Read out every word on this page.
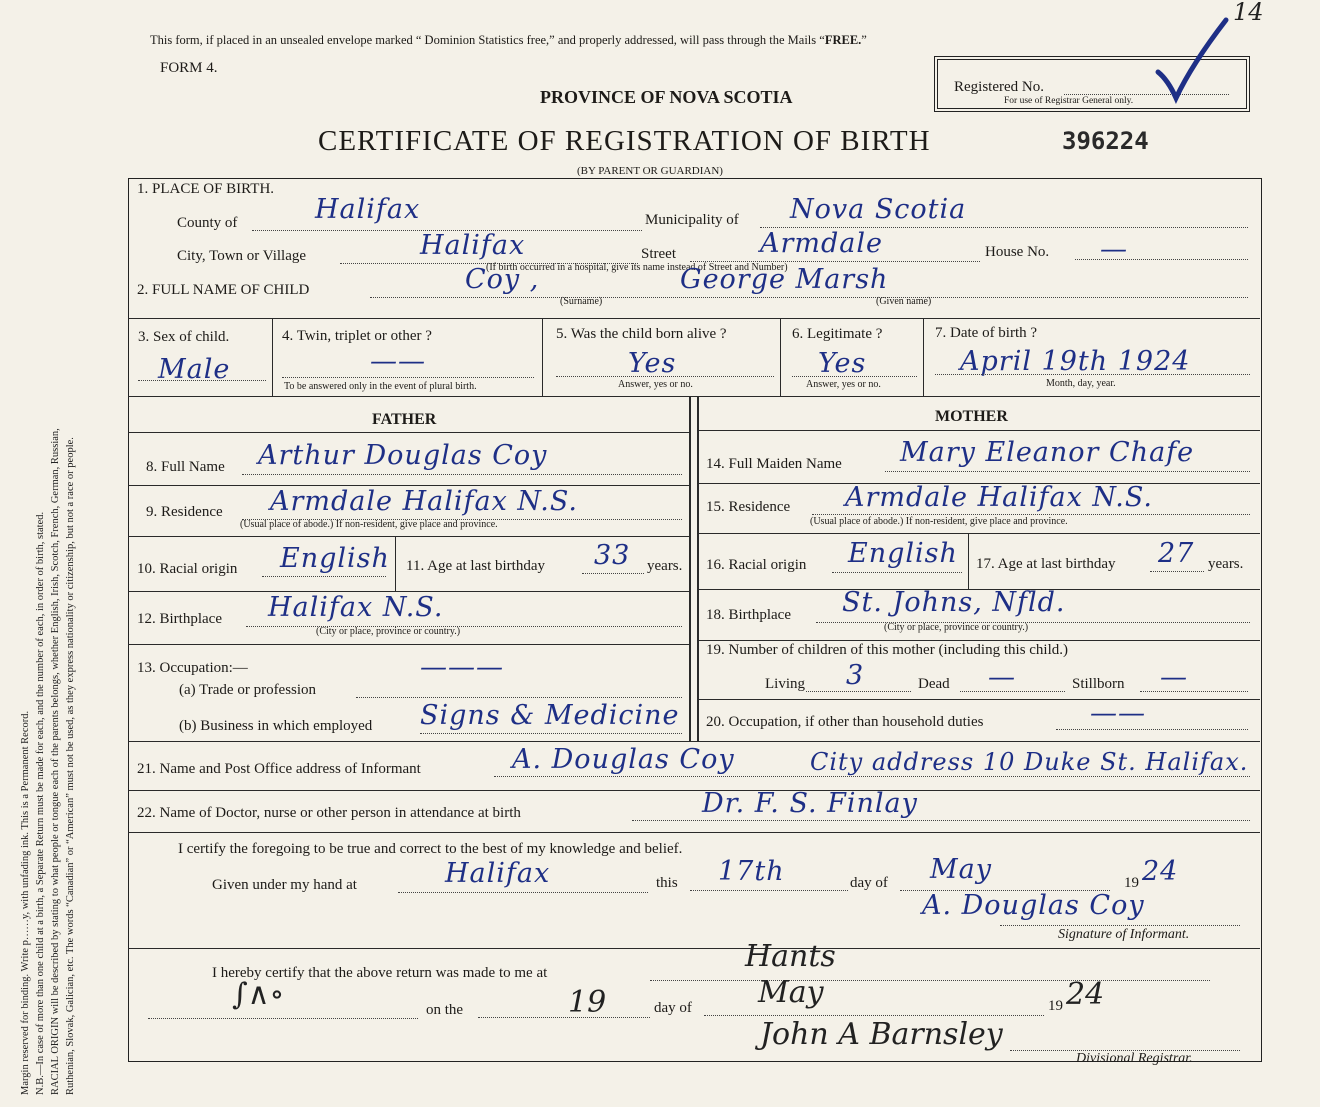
14
Margin reserved for binding. Write p……y, with unfading ink. This is a Permanent Record. N.B.—In case of more than one child at a birth, a Separate Return must be made for each, and the number of each, in order of birth, stated. RACIAL ORIGIN will be described by stating to what people or tongue each of the parents belongs, whether English, Irish, Scotch, French, German, Russian, Ruthenian, Slovak, Galician, etc. The words “Canadian” or “American” must not be used, as they express nationality or citizenship, but not a race or people.
This form, if placed in an unsealed envelope marked “ Dominion Statistics free,” and properly addressed, will pass through the Mails “FREE.”
FORM 4.
PROVINCE OF NOVA SCOTIA
CERTIFICATE OF REGISTRATION OF BIRTH
(BY PARENT OR GUARDIAN)
396224
Registered No.
For use of Registrar General only.
1. PLACE OF BIRTH.
County of	Halifax	Municipality of Nova Scotia
City, Town or Village	Halifax	Street	Armdale	House No. —
(If birth occurred in a hospital, give its name instead of Street and Number)
2. FULL NAME OF CHILD	Coy ,	George Marsh
(Surname)	(Given name)
3. Sex of child.
Male
4. Twin, triplet or other ?
——
To be answered only in the event of plural birth.
5. Was the child born alive ?
Yes
Answer, yes or no.
6. Legitimate ?
Yes
Answer, yes or no.
7. Date of birth ?
April 19th 1924
Month, day, year.
FATHER	MOTHER
8. Full Name Arthur Douglas Coy	14. Full Maiden Name Mary Eleanor Chafe
9. Residence Armdale Halifax N.S.
(Usual place of abode.) If non-resident, give place and province.
15. Residence Armdale Halifax N.S.
(Usual place of abode.) If non-resident, give place and province.
10. Racial origin English 11. Age at last birthday 33 years. 16. Racial origin English 17. Age at last birthday 27 years.
12. Birthplace Halifax N.S.
(City or place, province or country.)
18. Birthplace St. Johns, Nfld.
(City or place, province or country.)
13. Occupation:—
(a) Trade or profession
———
(b) Business in which employed Signs & Medicine
19. Number of children of this mother (including this child.)
Living 3	Dead —	Stillborn —
20. Occupation, if other than household duties	——
21. Name and Post Office address of Informant	A. Douglas Coy	City address 10 Duke St. Halifax.
22. Name of Doctor, nurse or other person in attendance at birth	Dr. F. S. Finlay
I certify the foregoing to be true and correct to the best of my knowledge and belief.
Given under my hand at	Halifax	this 17th	day of May	19 24
A. Douglas Coy
Signature of Informant.
I hereby certify that the above return was made to me at	Hants
∫∧∘	on the	19	day of May	19 24
John A Barnsley
Divisional Registrar.
